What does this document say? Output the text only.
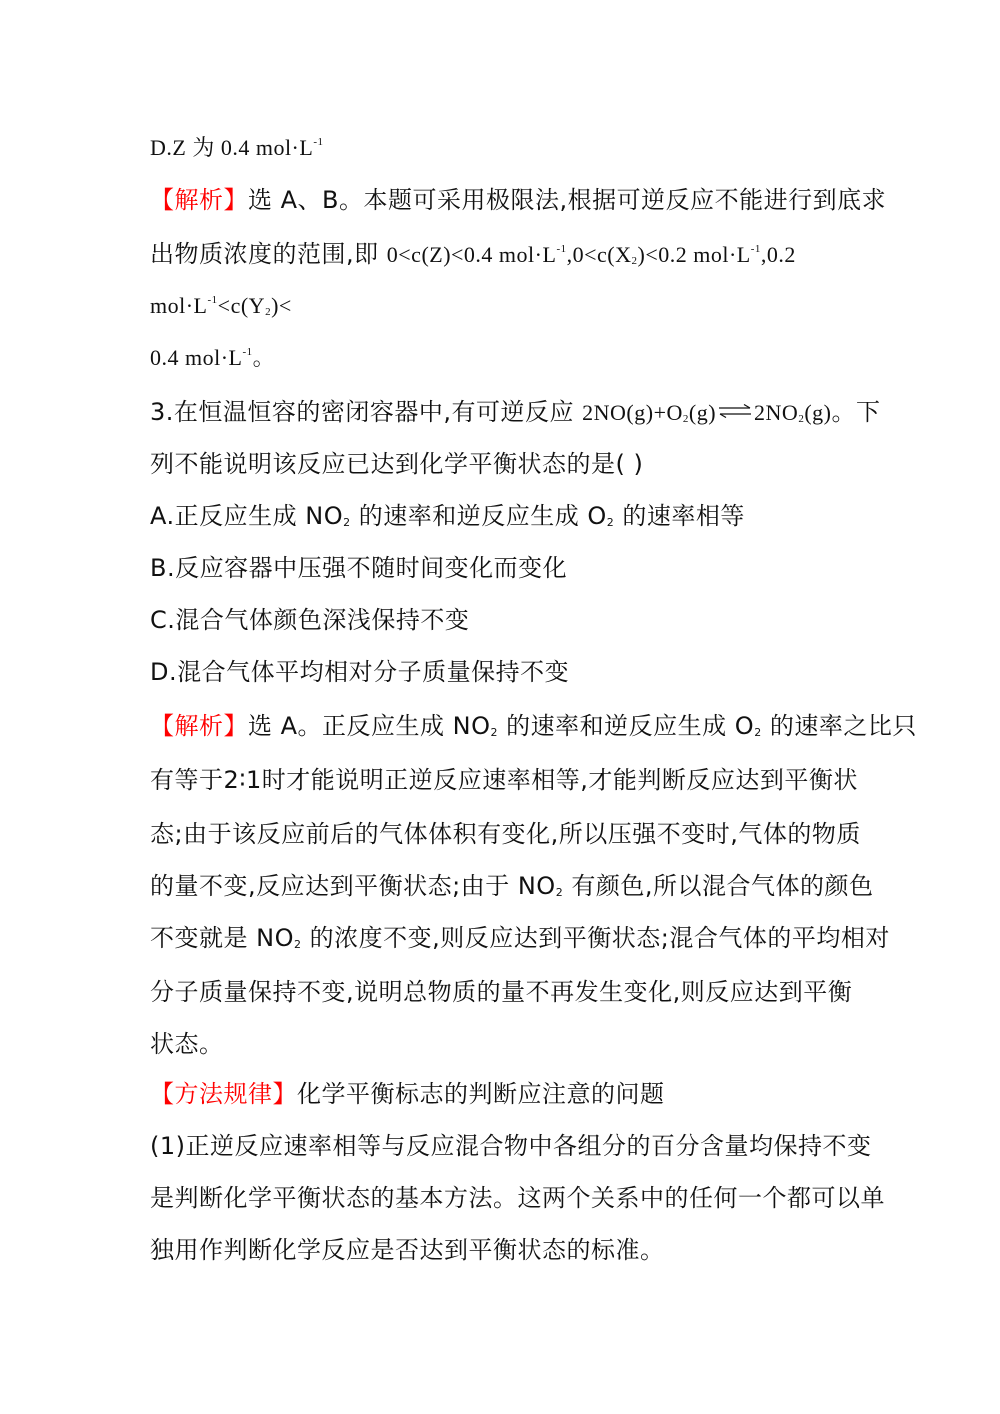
D.Z 为 0.4 $mol\cdot L^{-1}$
【解析】选 A、B。本题可采用极限法,根据可逆反应不能进行到底求
出物质浓度的范围,即 0<c(Z)<0.4 $mol\cdot L^{-1},0<c(X_2)<0.2$ $mol\cdot L^{-1},0.2$
$mol\cdot L^{-1}<c(Y_2)<$
0.4 $mol\cdot L^{-1}$。
3.在恒温恒容的密闭容器中,有可逆反应 $2NO(g)+O_2(g)$ ⇌ $2NO_2(g)$。下
列不能说明该反应已达到化学平衡状态的是( )
A.正反应生成 $NO_2$ 的速率和逆反应生成 $O_2$ 的速率相等
B.反应容器中压强不随时间变化而变化
C.混合气体颜色深浅保持不变
D.混合气体平均相对分子质量保持不变
【解析】选 A。正反应生成 $NO_2$ 的速率和逆反应生成 $O_2$ 的速率之比只
有等于2∶1时才能说明正逆反应速率相等,才能判断反应达到平衡状
态;由于该反应前后的气体体积有变化,所以压强不变时,气体的物质
的量不变,反应达到平衡状态;由于 $NO_2$ 有颜色,所以混合气体的颜色
不变就是 $NO_2$ 的浓度不变,则反应达到平衡状态;混合气体的平均相对
分子质量保持不变,说明总物质的量不再发生变化,则反应达到平衡
状态。
【方法规律】化学平衡标志的判断应注意的问题
(1)正逆反应速率相等与反应混合物中各组分的百分含量均保持不变
是判断化学平衡状态的基本方法。这两个关系中的任何一个都可以单
独用作判断化学反应是否达到平衡状态的标准。
